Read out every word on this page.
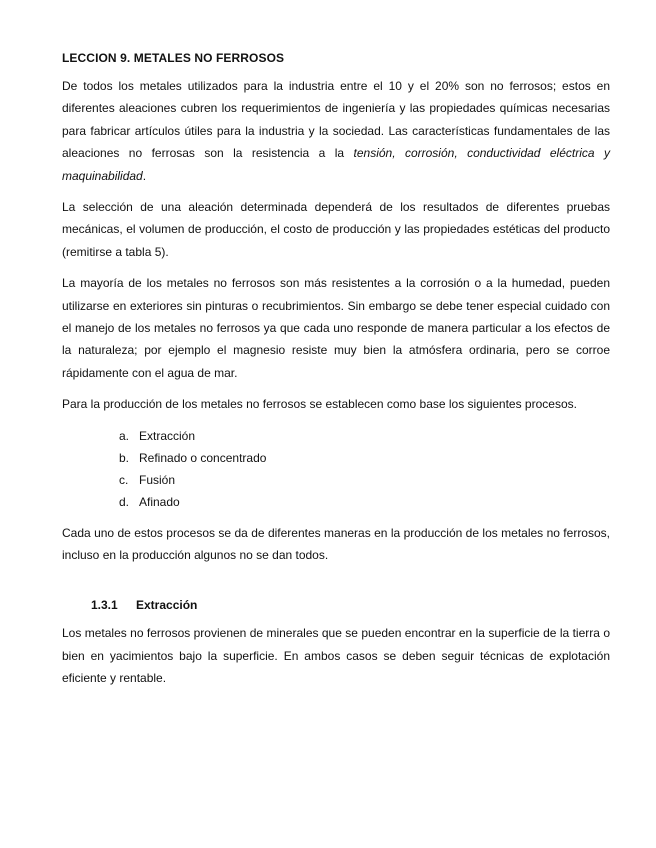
LECCION 9. METALES NO FERROSOS

De todos los metales utilizados para la industria entre el 10 y el 20% son no ferrosos; estos en diferentes aleaciones cubren los requerimientos de ingeniería y las propiedades químicas necesarias para fabricar artículos útiles para la industria y la sociedad. Las características fundamentales de las aleaciones no ferrosas son la resistencia a la tensión, corrosión, conductividad eléctrica y maquinabilidad.

La selección de una aleación determinada dependerá de los resultados de diferentes pruebas mecánicas, el volumen de producción, el costo de producción y las propiedades estéticas del producto (remitirse a tabla 5).

La mayoría de los metales no ferrosos son más resistentes a la corrosión o a la humedad, pueden utilizarse en exteriores sin pinturas o recubrimientos. Sin embargo se debe tener especial cuidado con el manejo de los metales no ferrosos ya que cada uno responde de manera particular a los efectos de la naturaleza; por ejemplo el magnesio resiste muy bien la atmósfera ordinaria, pero se corroe rápidamente con el agua de mar.

Para la producción de los metales no ferrosos se establecen como base los siguientes procesos.

a. Extracción
b. Refinado o concentrado
c. Fusión
d. Afinado

Cada uno de estos procesos se da de diferentes maneras en la producción de los metales no ferrosos, incluso en la producción algunos no se dan todos.

1.3.1 Extracción

Los metales no ferrosos provienen de minerales que se pueden encontrar en la superficie de la tierra o bien en yacimientos bajo la superficie. En ambos casos se deben seguir técnicas de explotación eficiente y rentable.
